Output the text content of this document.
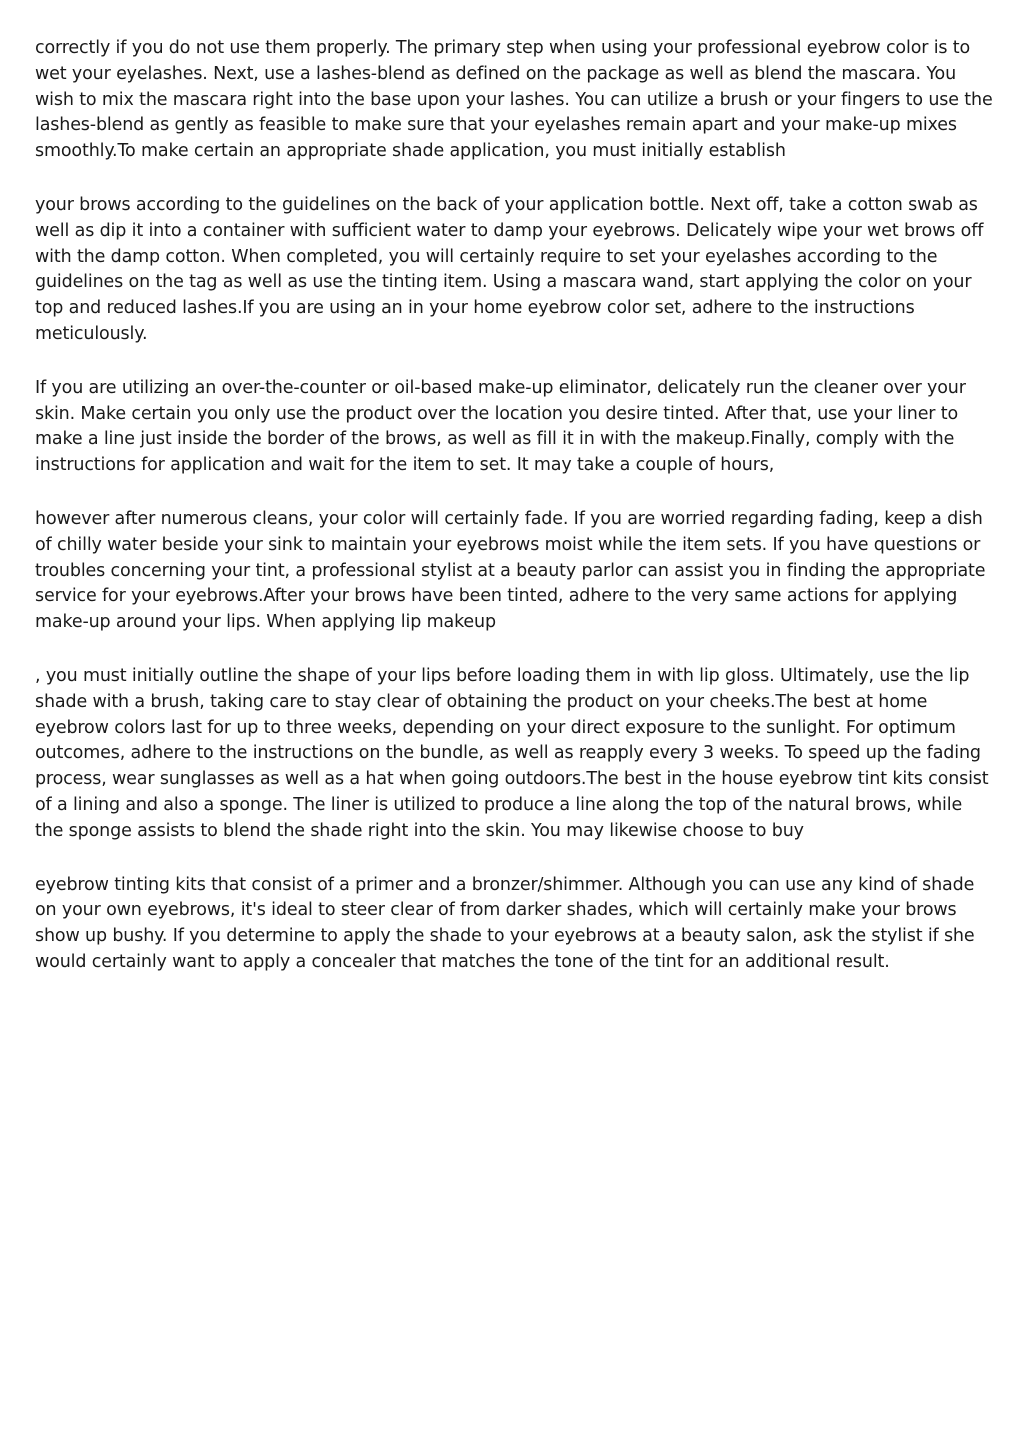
correctly if you do not use them properly. The primary step when using your professional eyebrow color is to wet your eyelashes. Next, use a lashes-blend as defined on the package as well as blend the mascara. You wish to mix the mascara right into the base upon your lashes. You can utilize a brush or your fingers to use the lashes-blend as gently as feasible to make sure that your eyelashes remain apart and your make-up mixes smoothly.To make certain an appropriate shade application, you must initially establish

your brows according to the guidelines on the back of your application bottle. Next off, take a cotton swab as well as dip it into a container with sufficient water to damp your eyebrows. Delicately wipe your wet brows off with the damp cotton. When completed, you will certainly require to set your eyelashes according to the guidelines on the tag as well as use the tinting item. Using a mascara wand, start applying the color on your top and reduced lashes.If you are using an in your home eyebrow color set, adhere to the instructions meticulously.

If you are utilizing an over-the-counter or oil-based make-up eliminator, delicately run the cleaner over your skin. Make certain you only use the product over the location you desire tinted. After that, use your liner to make a line just inside the border of the brows, as well as fill it in with the makeup.Finally, comply with the instructions for application and wait for the item to set. It may take a couple of hours,

however after numerous cleans, your color will certainly fade. If you are worried regarding fading, keep a dish of chilly water beside your sink to maintain your eyebrows moist while the item sets. If you have questions or troubles concerning your tint, a professional stylist at a beauty parlor can assist you in finding the appropriate service for your eyebrows.After your brows have been tinted, adhere to the very same actions for applying make-up around your lips. When applying lip makeup

, you must initially outline the shape of your lips before loading them in with lip gloss. Ultimately, use the lip shade with a brush, taking care to stay clear of obtaining the product on your cheeks.The best at home eyebrow colors last for up to three weeks, depending on your direct exposure to the sunlight. For optimum outcomes, adhere to the instructions on the bundle, as well as reapply every 3 weeks. To speed up the fading process, wear sunglasses as well as a hat when going outdoors.The best in the house eyebrow tint kits consist of a lining and also a sponge. The liner is utilized to produce a line along the top of the natural brows, while the sponge assists to blend the shade right into the skin. You may likewise choose to buy

eyebrow tinting kits that consist of a primer and a bronzer/shimmer. Although you can use any kind of shade on your own eyebrows, it's ideal to steer clear of from darker shades, which will certainly make your brows show up bushy. If you determine to apply the shade to your eyebrows at a beauty salon, ask the stylist if she would certainly want to apply a concealer that matches the tone of the tint for an additional result.
